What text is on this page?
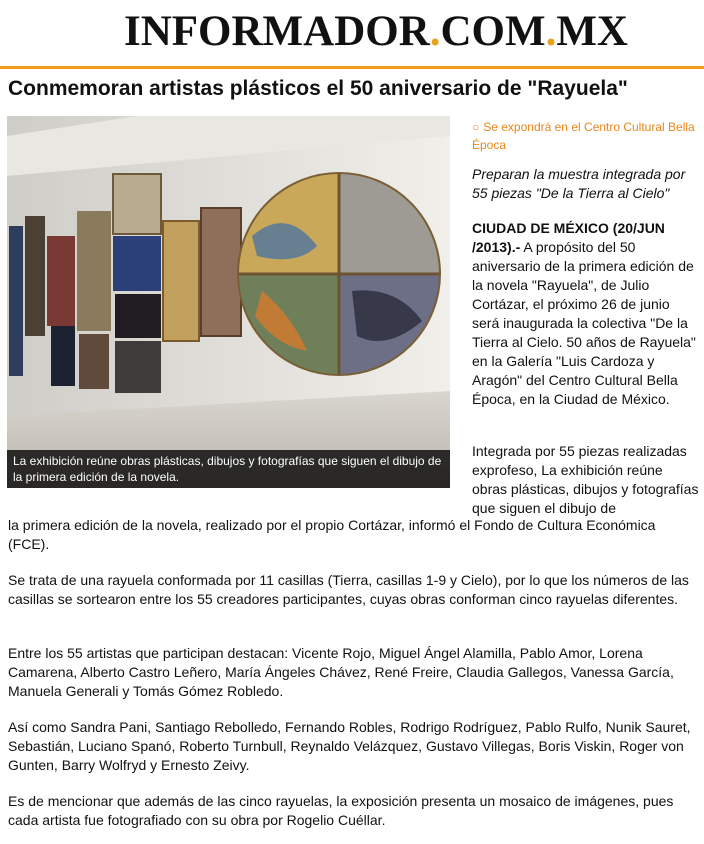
INFORMADOR.COM.MX
Conmemoran artistas plásticos el 50 aniversario de "Rayuela"
La exhibición reúne obras plásticas, dibujos y fotografías que siguen el dibujo de la primera edición de la novela.
○ Se expondrá en el Centro Cultural Bella Época

Preparan la muestra integrada por 55 piezas "De la Tierra al Cielo"

CIUDAD DE MÉXICO (20/JUN /2013).- A propósito del 50 aniversario de la primera edición de la novela "Rayuela", de Julio Cortázar, el próximo 26 de junio será inaugurada la colectiva "De la Tierra al Cielo. 50 años de Rayuela" en la Galería "Luis Cardoza y Aragón" del Centro Cultural Bella Época, en la Ciudad de México.

Integrada por 55 piezas realizadas exprofeso, La exhibición reúne obras plásticas, dibujos y fotografías que siguen el dibujo de

la primera edición de la novela, realizado por el propio Cortázar, informó el Fondo de Cultura Económica (FCE).

Se trata de una rayuela conformada por 11 casillas (Tierra, casillas 1-9 y Cielo), por lo que los números de las casillas se sortearon entre los 55 creadores participantes, cuyas obras conforman cinco rayuelas diferentes.

Entre los 55 artistas que participan destacan: Vicente Rojo, Miguel Ángel Alamilla, Pablo Amor, Lorena Camarena, Alberto Castro Leñero, María Ángeles Chávez, René Freire, Claudia Gallegos, Vanessa García, Manuela Generali y Tomás Gómez Robledo.

Así como Sandra Pani, Santiago Rebolledo, Fernando Robles, Rodrigo Rodríguez, Pablo Rulfo, Nunik Sauret, Sebastián, Luciano Spanó, Roberto Turnbull, Reynaldo Velázquez, Gustavo Villegas, Boris Viskin, Roger von Gunten, Barry Wolfryd y Ernesto Zeivy.

Es de mencionar que además de las cinco rayuelas, la exposición presenta un mosaico de imágenes, pues cada artista fue fotografiado con su obra por Rogelio Cuéllar.
